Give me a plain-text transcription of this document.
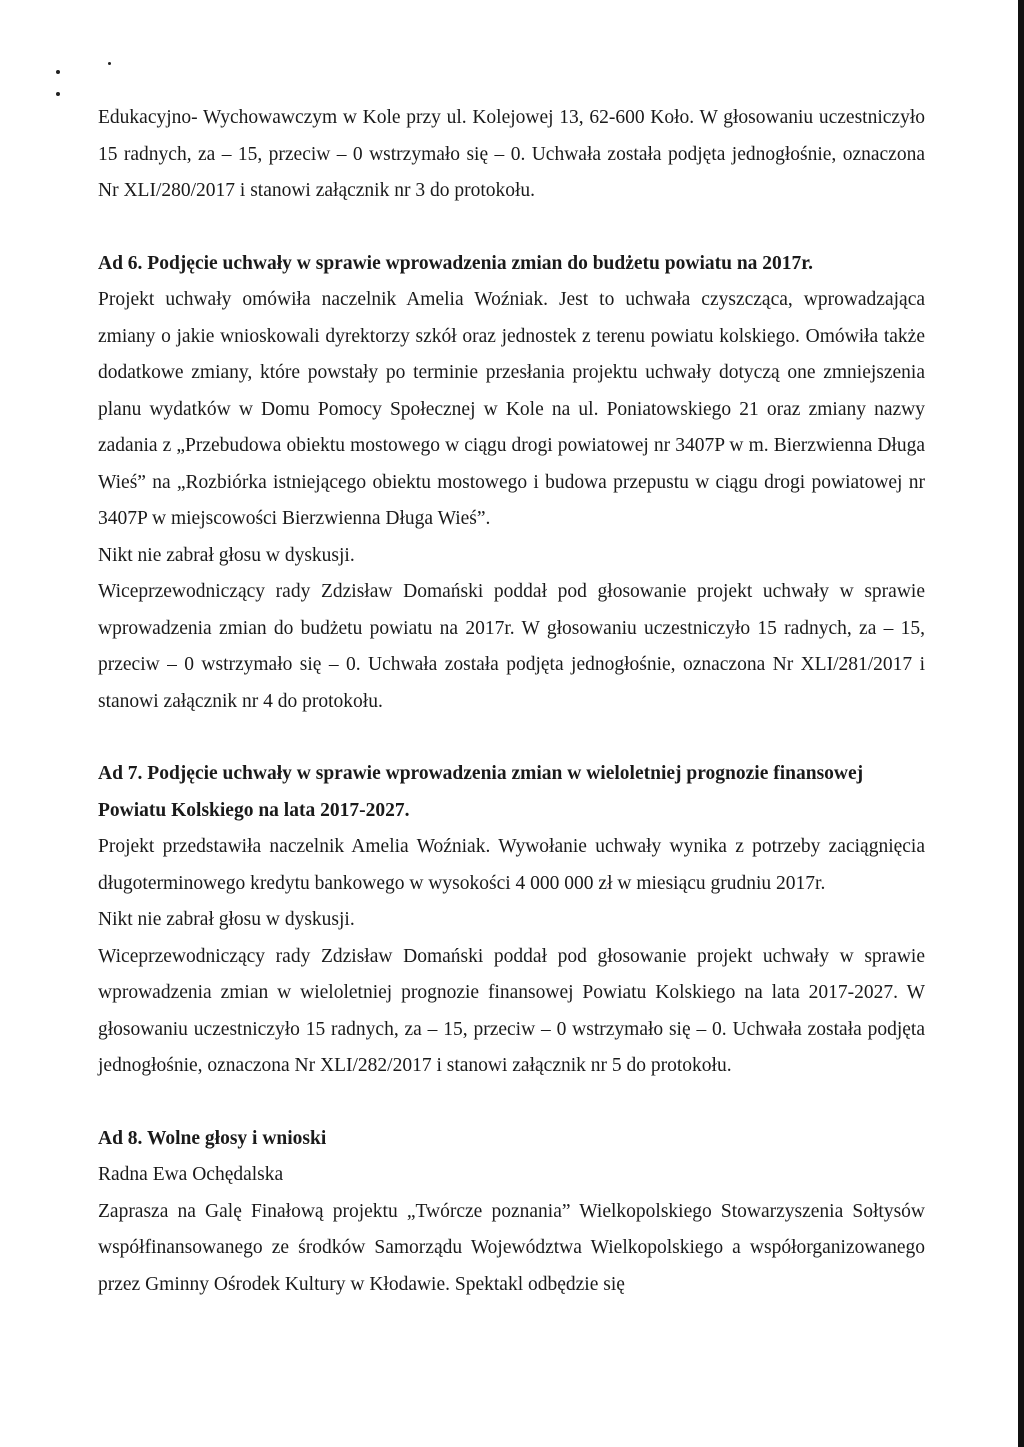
Edukacyjno- Wychowawczym w Kole przy ul. Kolejowej 13, 62-600 Koło. W głosowaniu uczestniczyło 15 radnych, za – 15, przeciw – 0 wstrzymało się – 0. Uchwała została podjęta jednogłośnie, oznaczona Nr XLI/280/2017 i stanowi załącznik nr 3 do protokołu.

Ad 6. Podjęcie uchwały w sprawie wprowadzenia zmian do budżetu powiatu na 2017r.

Projekt uchwały omówiła naczelnik Amelia Woźniak. Jest to uchwała czyszcząca, wprowadzająca zmiany o jakie wnioskowali dyrektorzy szkół oraz jednostek z terenu powiatu kolskiego. Omówiła także dodatkowe zmiany, które powstały po terminie przesłania projektu uchwały dotyczą one zmniejszenia planu wydatków w Domu Pomocy Społecznej w Kole na ul. Poniatowskiego 21 oraz zmiany nazwy zadania z „Przebudowa obiektu mostowego w ciągu drogi powiatowej nr 3407P w m. Bierzwienna Długa Wieś” na „Rozbiórka istniejącego obiektu mostowego i budowa przepustu w ciągu drogi powiatowej nr 3407P w miejscowości Bierzwienna Długa Wieś”.

Nikt nie zabrał głosu w dyskusji.

Wiceprzewodniczący rady Zdzisław Domański poddał pod głosowanie projekt uchwały w sprawie wprowadzenia zmian do budżetu powiatu na 2017r. W głosowaniu uczestniczyło 15 radnych, za – 15, przeciw – 0 wstrzymało się – 0. Uchwała została podjęta jednogłośnie, oznaczona Nr XLI/281/2017 i stanowi załącznik nr 4 do protokołu.

Ad 7. Podjęcie uchwały w sprawie wprowadzenia zmian w wieloletniej prognozie finansowej Powiatu Kolskiego na lata 2017-2027.

Projekt przedstawiła naczelnik Amelia Woźniak. Wywołanie uchwały wynika z potrzeby zaciągnięcia długoterminowego kredytu bankowego w wysokości 4 000 000 zł w miesiącu grudniu 2017r.

Nikt nie zabrał głosu w dyskusji.

Wiceprzewodniczący rady Zdzisław Domański poddał pod głosowanie projekt uchwały w sprawie wprowadzenia zmian w wieloletniej prognozie finansowej Powiatu Kolskiego na lata 2017-2027. W głosowaniu uczestniczyło 15 radnych, za – 15, przeciw – 0 wstrzymało się – 0. Uchwała została podjęta jednogłośnie, oznaczona Nr XLI/282/2017 i stanowi załącznik nr 5 do protokołu.

Ad 8. Wolne głosy i wnioski

Radna Ewa Ochędalska

Zaprasza na Galę Finałową projektu „Twórcze poznania” Wielkopolskiego Stowarzyszenia Sołtysów współfinansowanego ze środków Samorządu Województwa Wielkopolskiego a współorganizowanego przez Gminny Ośrodek Kultury w Kłodawie. Spektakl odbędzie się
